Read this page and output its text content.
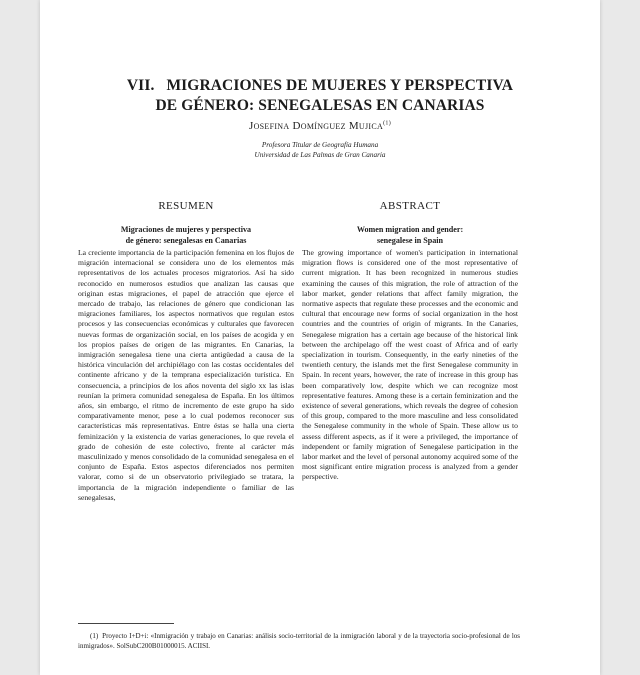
VII. MIGRACIONES DE MUJERES Y PERSPECTIVA
DE GÉNERO: SENEGALESAS EN CANARIAS
Josefina Domínguez Mujica$^{(1)}$
Profesora Titular de Geografía Humana
Universidad de Las Palmas de Gran Canaria
RESUMEN
Migraciones de mujeres y perspectiva
de género: senegalesas en Canarias

La creciente importancia de la participación femenina en los flujos de migración internacional se considera uno de los elementos más representativos de los actuales procesos migratorios. Así ha sido reconocido en numerosos estudios que analizan las causas que originan estas migraciones, el papel de atracción que ejerce el mercado de trabajo, las relaciones de género que condicionan las migraciones familiares, los aspectos normativos que regulan estos procesos y las consecuencias económicas y culturales que favorecen nuevas formas de organización social, en los países de acogida y en los propios países de origen de las migrantes. En Canarias, la inmigración senegalesa tiene una cierta antigüedad a causa de la histórica vinculación del archipiélago con las costas occidentales del continente africano y de la temprana especialización turística. En consecuencia, a principios de los años noventa del siglo xx las islas reunían la primera comunidad senegalesa de España. En los últimos años, sin embargo, el ritmo de incremento de este grupo ha sido comparativamente menor, pese a lo cual podemos reconocer sus características más representativas. Entre éstas se halla una cierta feminización y la existencia de varias generaciones, lo que revela el grado de cohesión de este colectivo, frente al carácter más masculinizado y menos consolidado de la comunidad senegalesa en el conjunto de España. Estos aspectos diferenciados nos permiten valorar, como si de un observatorio privilegiado se tratara, la importancia de la migración independiente o familiar de las senegalesas,

ABSTRACT
Women migration and gender:
senegalese in Spain

The growing importance of women's participation in international migration flows is considered one of the most representative of current migration. It has been recognized in numerous studies examining the causes of this migration, the role of attraction of the labor market, gender relations that affect family migration, the normative aspects that regulate these processes and the economic and cultural that encourage new forms of social organization in the host countries and the countries of origin of migrants. In the Canaries, Senegalese migration has a certain age because of the historical link between the archipelago off the west coast of Africa and of early specialization in tourism. Consequently, in the early nineties of the twentieth century, the islands met the first Senegalese community in Spain. In recent years, however, the rate of increase in this group has been comparatively low, despite which we can recognize most representative features. Among these is a certain feminization and the existence of several generations, which reveals the degree of cohesion of this group, compared to the more masculine and less consolidated the Senegalese community in the whole of Spain. These allow us to assess different aspects, as if it were a privileged, the importance of independent or family migration of Senegalese participation in the labor market and the level of personal autonomy acquired some of the most significant entire migration process is analyzed from a gender perspective.

(1) Proyecto I+D+i: «Inmigración y trabajo en Canarias: análisis socio-territorial de la inmigración laboral y de la trayectoria socio-profesional de los inmigrados». SolSubC200B01000015. ACIISI.
